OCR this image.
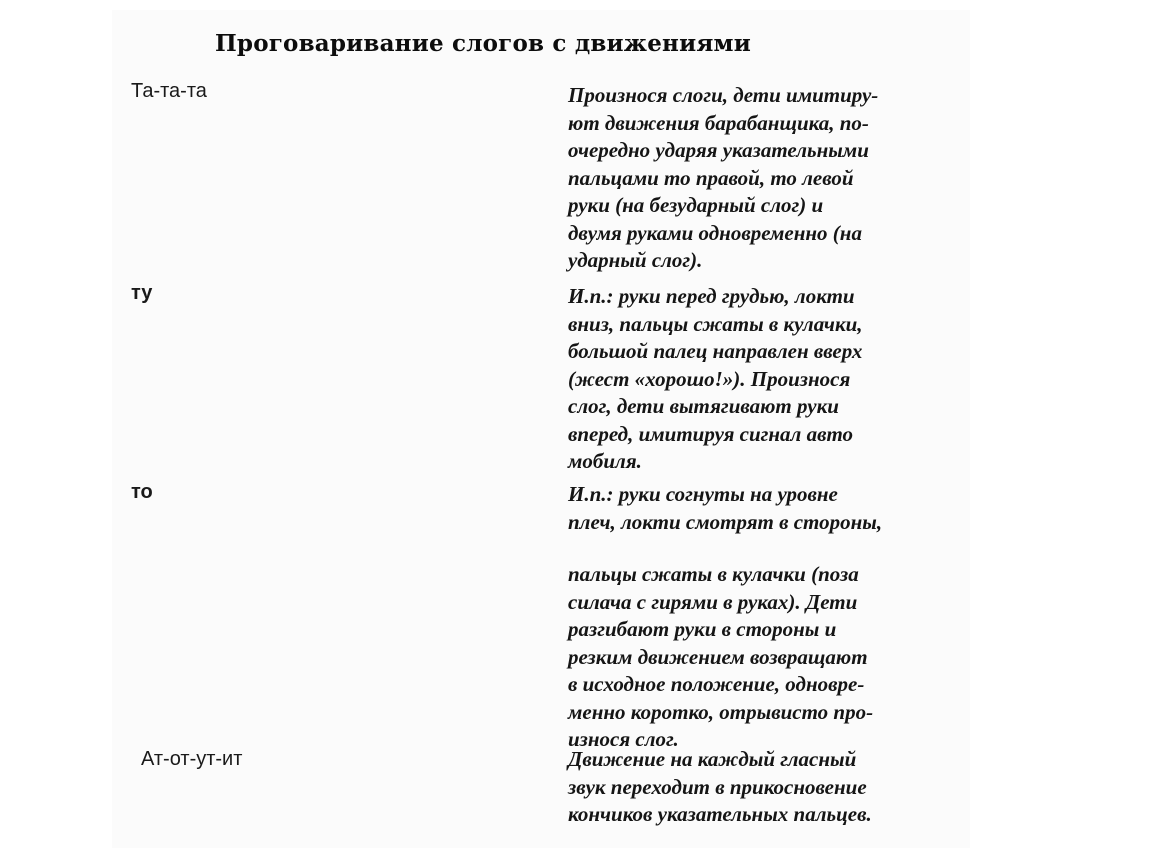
Проговаривание слогов с движениями
Та-та-та	Произнося слоги, дети имитиру-
ют движения барабанщика, по-
очередно ударяя указательными
пальцами то правой, то левой
руки (на безударный слог) и
двумя руками одновременно (на
ударный слог).

ту	И.п.: руки перед грудью, локти
вниз, пальцы сжаты в кулачки,
большой палец направлен вверх
(жест «хорошо!»). Произнося
слог, дети вытягивают руки
вперед, имитируя сигнал авто
мобиля.

то	И.п.: руки согнуты на уровне
плеч, локти смотрят в стороны,

пальцы сжаты в кулачки (поза
силача с гирями в руках). Дети
разгибают руки в стороны и
резким движением возвращают
в исходное положение, одновре-
менно коротко, отрывисто про-
износя слог.

Ат-от-ут-ит	Движение на каждый гласный
звук переходит в прикосновение
кончиков указательных пальцев.
